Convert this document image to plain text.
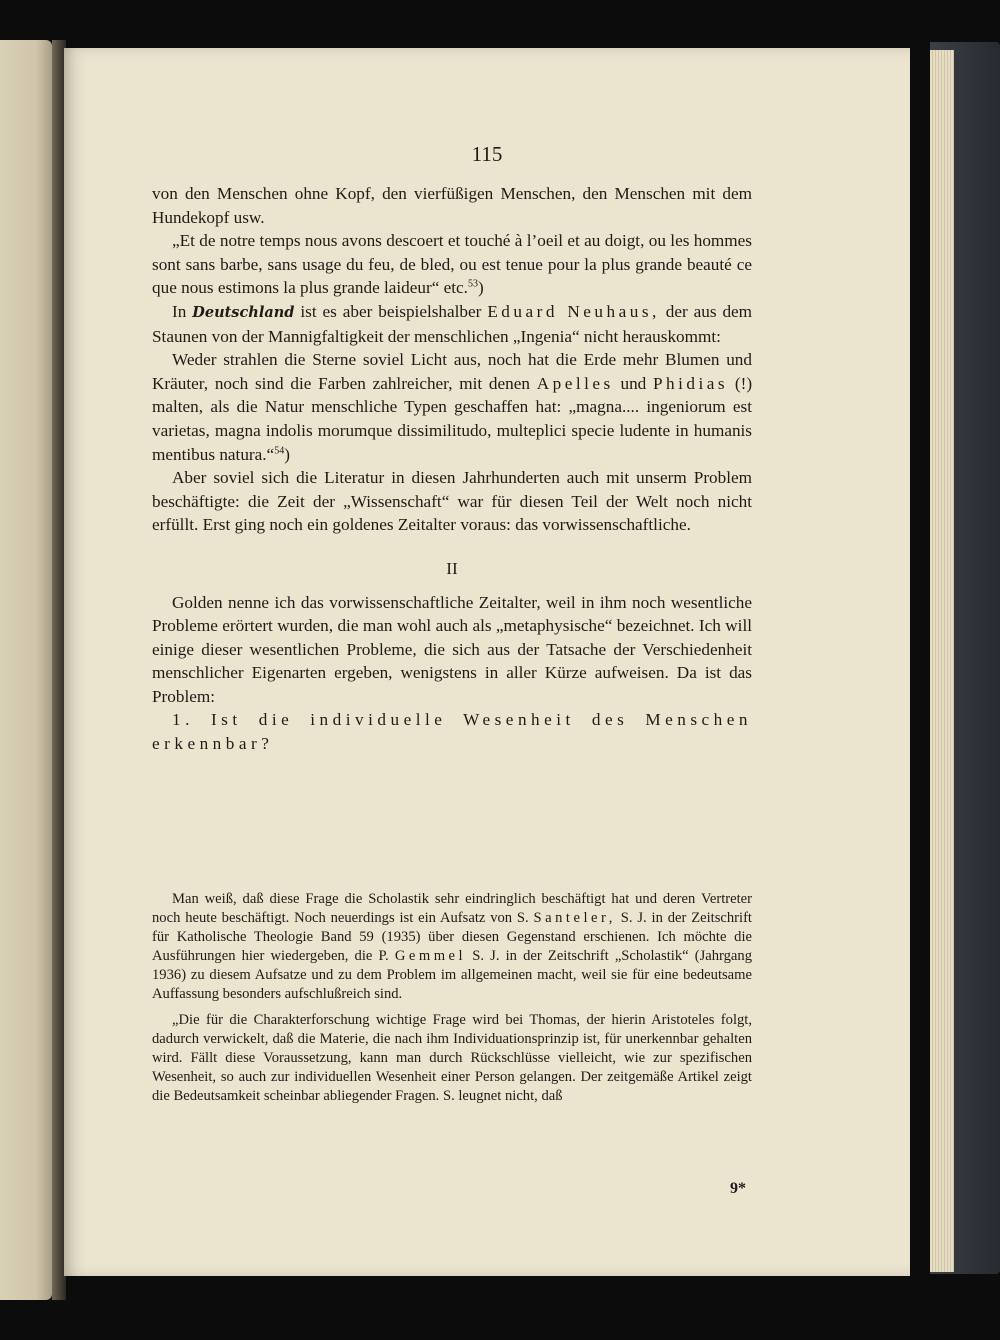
115

von den Menschen ohne Kopf, den vierfüßigen Menschen, den Menschen mit dem Hundekopf usw.

„Et de notre temps nous avons descoert et touché à l’oeil et au doigt, ou les hommes sont sans barbe, sans usage du feu, de bled, ou est tenue pour la plus grande beauté ce que nous estimons la plus grande laideur“ etc.$^{53}$)

In Deutschland ist es aber beispielshalber Eduard Neuhaus, der aus dem Staunen von der Mannigfaltigkeit der menschlichen „Ingenia“ nicht herauskommt:

Weder strahlen die Sterne soviel Licht aus, noch hat die Erde mehr Blumen und Kräuter, noch sind die Farben zahlreicher, mit denen Apelles und Phidias (!) malten, als die Natur menschliche Typen geschaffen hat: „magna.... ingeniorum est varietas, magna indolis morumque dissimilitudo, multeplici specie ludente in humanis mentibus natura.“$^{54}$)

Aber soviel sich die Literatur in diesen Jahrhunderten auch mit unserm Problem beschäftigte: die Zeit der „Wissenschaft“ war für diesen Teil der Welt noch nicht erfüllt. Erst ging noch ein goldenes Zeitalter voraus: das vorwissenschaftliche.

II

Golden nenne ich das vorwissenschaftliche Zeitalter, weil in ihm noch wesentliche Probleme erörtert wurden, die man wohl auch als „metaphysische“ bezeichnet. Ich will einige dieser wesentlichen Probleme, die sich aus der Tatsache der Verschiedenheit menschlicher Eigenarten ergeben, wenigstens in aller Kürze aufweisen. Da ist das Problem:

1. Ist die individuelle Wesenheit des Menschen erkennbar?

Man weiß, daß diese Frage die Scholastik sehr eindringlich beschäftigt hat und deren Vertreter noch heute beschäftigt. Noch neuerdings ist ein Aufsatz von S. Santeler, S. J. in der Zeitschrift für Katholische Theologie Band 59 (1935) über diesen Gegenstand erschienen. Ich möchte die Ausführungen hier wiedergeben, die P. Gemmel S. J. in der Zeitschrift „Scholastik“ (Jahrgang 1936) zu diesem Aufsatze und zu dem Problem im allgemeinen macht, weil sie für eine bedeutsame Auffassung besonders aufschlußreich sind.

„Die für die Charakterforschung wichtige Frage wird bei Thomas, der hierin Aristoteles folgt, dadurch verwickelt, daß die Materie, die nach ihm Individuationsprinzip ist, für unerkennbar gehalten wird. Fällt diese Voraussetzung, kann man durch Rückschlüsse vielleicht, wie zur spezifischen Wesenheit, so auch zur individuellen Wesenheit einer Person gelangen. Der zeitgemäße Artikel zeigt die Bedeutsamkeit scheinbar abliegender Fragen. S. leugnet nicht, daß

9*
